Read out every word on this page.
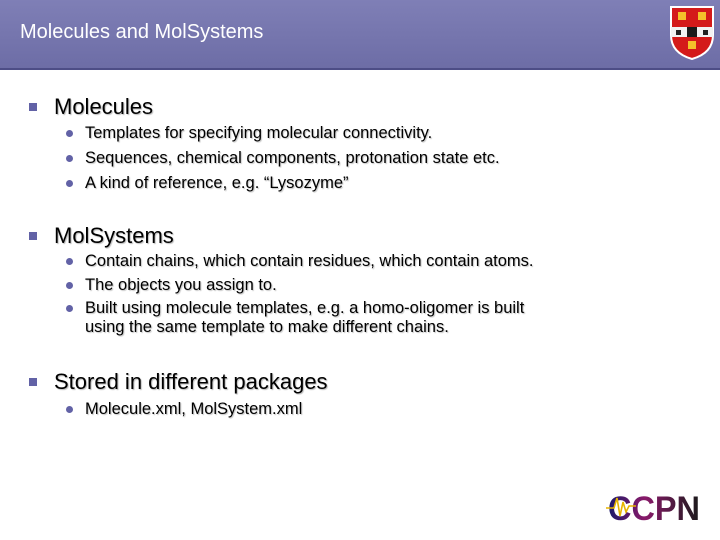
Molecules and MolSystems
Molecules
Templates for specifying molecular connectivity.
Sequences, chemical components, protonation state etc.
A kind of reference, e.g. “Lysozyme”
MolSystems
Contain chains, which contain residues, which contain atoms.
The objects you assign to.
Built using molecule templates, e.g. a homo-oligomer is built
using the same template to make different chains.
Stored in different packages
Molecule.xml, MolSystem.xml
CCPN
